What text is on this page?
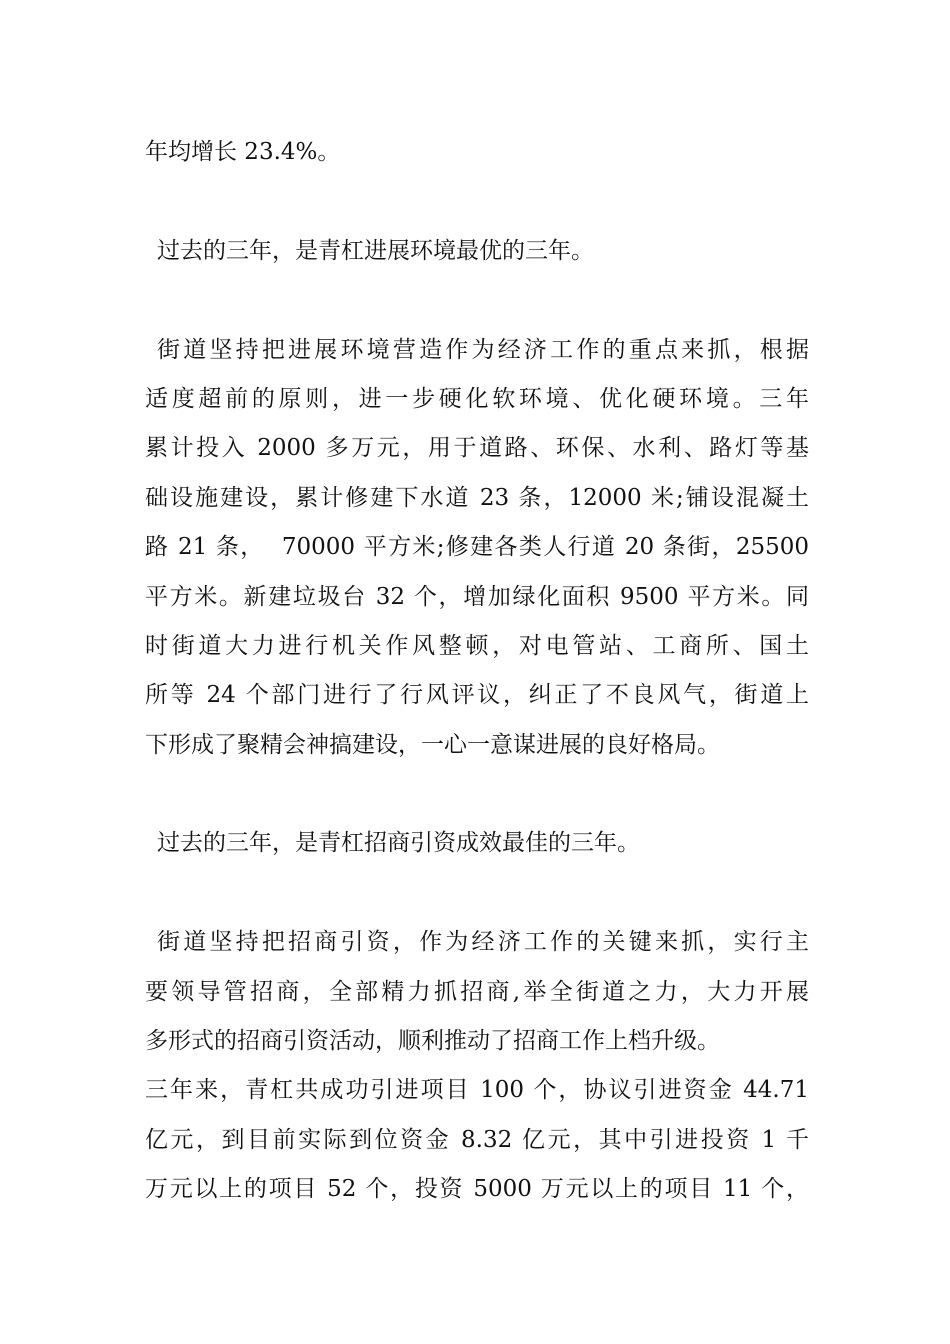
年均增长 23.4%。
过去的三年，是青杠进展环境最优的三年。
街道坚持把进展环境营造作为经济工作的重点来抓，根据
适度超前的原则，进一步硬化软环境、优化硬环境。三年
累计投入 2000 多万元，用于道路、环保、水利、路灯等基
础设施建设，累计修建下水道 23 条，12000 米;铺设混凝土
路 21 条，  70000 平方米;修建各类人行道 20 条街，25500
平方米。新建垃圾台 32 个，增加绿化面积 9500 平方米。同
时街道大力进行机关作风整顿，对电管站、工商所、国土
所等 24 个部门进行了行风评议，纠正了不良风气，街道上
下形成了聚精会神搞建设，一心一意谋进展的良好格局。
过去的三年，是青杠招商引资成效最佳的三年。
街道坚持把招商引资，作为经济工作的关键来抓，实行主
要领导管招商，全部精力抓招商,举全街道之力，大力开展
多形式的招商引资活动，顺利推动了招商工作上档升级。
三年来，青杠共成功引进项目 100 个，协议引进资金 44.71
亿元，到目前实际到位资金 8.32 亿元，其中引进投资 1 千
万元以上的项目 52 个，投资 5000 万元以上的项目 11 个，
